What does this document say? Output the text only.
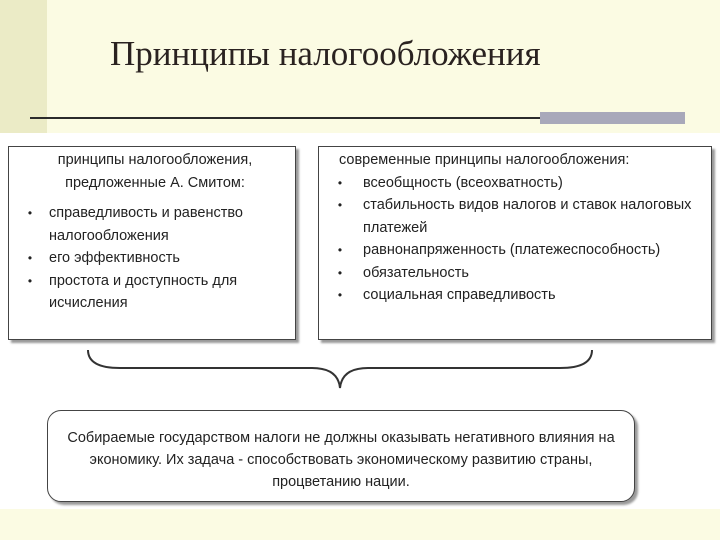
Принципы налогообложения

принципы налогообложения,
предложенные А. Смитом:

•	справедливость и равенство налогообложения
•	его эффективность
•	простота и доступность для исчисления

современные принципы налогообложения:

•	всеобщность (всеохватность)
•	стабильность видов налогов и ставок налоговых платежей
•	равнонапряженность (платежеспособность)
•	обязательность
•	социальная справедливость
Собираемые государством налоги не должны оказывать негативного влияния на экономику. Их задача - способствовать экономическому развитию страны, процветанию нации.
